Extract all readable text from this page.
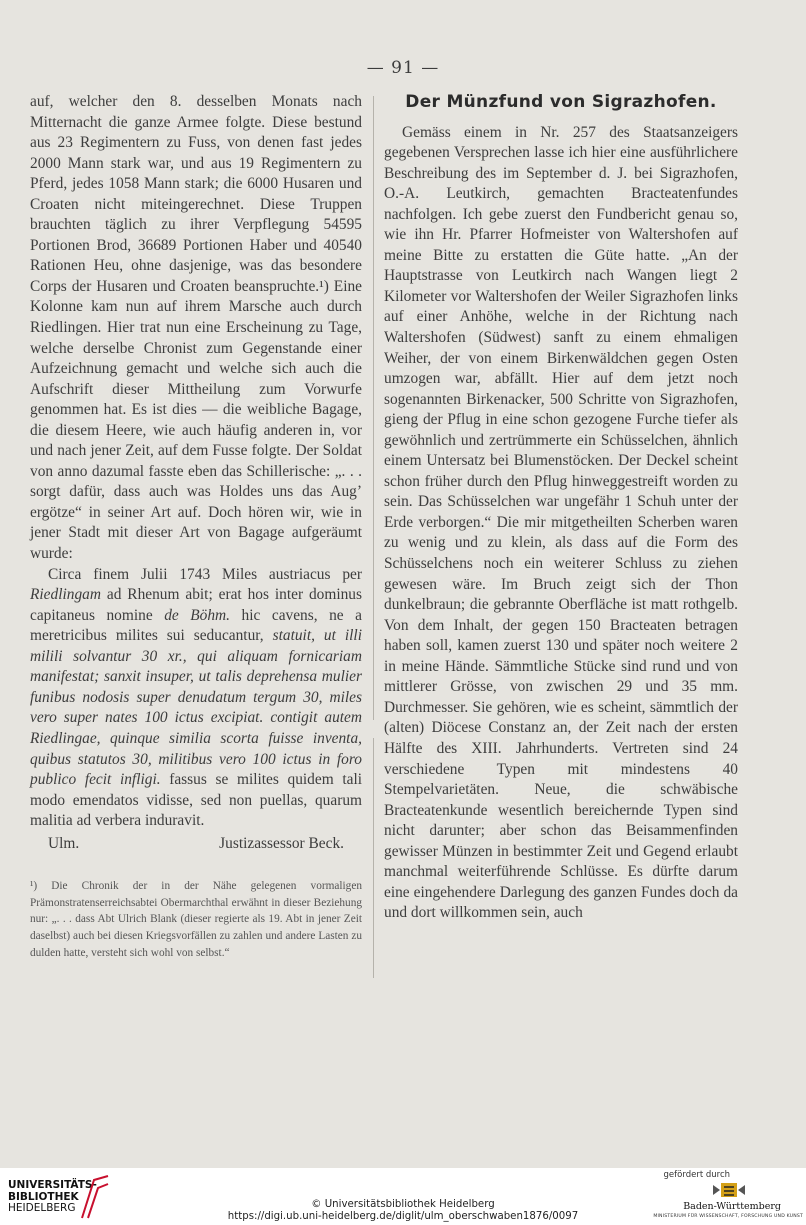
— 91 —

auf, welcher den 8. desselben Monats nach Mitternacht die ganze Armee folgte. Diese bestund aus 23 Regimentern zu Fuss, von denen fast jedes 2000 Mann stark war, und aus 19 Regimentern zu Pferd, jedes 1058 Mann stark; die 6000 Husaren und Croaten nicht miteingerechnet. Diese Truppen brauchten täglich zu ihrer Verpflegung 54595 Portionen Brod, 36689 Portionen Haber und 40540 Rationen Heu, ohne dasjenige, was das besondere Corps der Husaren und Croaten beanspruchte.¹) Eine Kolonne kam nun auf ihrem Marsche auch durch Riedlingen. Hier trat nun eine Erscheinung zu Tage, welche derselbe Chronist zum Gegenstande einer Aufzeichnung gemacht und welche sich auch die Aufschrift dieser Mittheilung zum Vorwurfe genommen hat. Es ist dies — die weibliche Bagage, die diesem Heere, wie auch häufig anderen in, vor und nach jener Zeit, auf dem Fusse folgte. Der Soldat von anno dazumal fasste eben das Schillerische: „. . . sorgt dafür, dass auch was Holdes uns das Aug’ ergötze“ in seiner Art auf. Doch hören wir, wie in jener Stadt mit dieser Art von Bagage aufgeräumt wurde:

Circa finem Julii 1743 Miles austriacus per Riedlingam ad Rhenum abit; erat hos inter dominus capitaneus nomine de Böhm. hic cavens, ne a meretricibus milites sui seducantur, statuit, ut illi milili solvantur 30 xr., qui aliquam fornicariam manifestat; sanxit insuper, ut talis deprehensa mulier funibus nodosis super denudatum tergum 30, miles vero super nates 100 ictus excipiat. contigit autem Riedlingae, quinque similia scorta fuisse inventa, quibus statutos 30, militibus vero 100 ictus in foro publico fecit infligi. fassus se milites quidem tali modo emendatos vidisse, sed non puellas, quarum malitia ad verbera induravit.

Ulm.	Justizassessor Beck.

¹) Die Chronik der in der Nähe gelegenen vormaligen Prämonstratenserreichsabtei Obermarchthal erwähnt in dieser Beziehung nur: „. . . dass Abt Ulrich Blank (dieser regierte als 19. Abt in jener Zeit daselbst) auch bei diesen Kriegsvorfällen zu zahlen und andere Lasten zu dulden hatte, versteht sich wohl von selbst.“

Der Münzfund von Sigrazhofen.

Gemäss einem in Nr. 257 des Staatsanzeigers gegebenen Versprechen lasse ich hier eine ausführlichere Beschreibung des im September d. J. bei Sigrazhofen, O.-A. Leutkirch, gemachten Bracteatenfundes nachfolgen. Ich gebe zuerst den Fundbericht genau so, wie ihn Hr. Pfarrer Hofmeister von Waltershofen auf meine Bitte zu erstatten die Güte hatte. „An der Hauptstrasse von Leutkirch nach Wangen liegt 2 Kilometer vor Waltershofen der Weiler Sigrazhofen links auf einer Anhöhe, welche in der Richtung nach Waltershofen (Südwest) sanft zu einem ehmaligen Weiher, der von einem Birkenwäldchen gegen Osten umzogen war, abfällt. Hier auf dem jetzt noch sogenannten Birkenacker, 500 Schritte von Sigrazhofen, gieng der Pflug in eine schon gezogene Furche tiefer als gewöhnlich und zertrümmerte ein Schüsselchen, ähnlich einem Untersatz bei Blumenstöcken. Der Deckel scheint schon früher durch den Pflug hinweggestreift worden zu sein. Das Schüsselchen war ungefähr 1 Schuh unter der Erde verborgen.“ Die mir mitgetheilten Scherben waren zu wenig und zu klein, als dass auf die Form des Schüsselchens noch ein weiterer Schluss zu ziehen gewesen wäre. Im Bruch zeigt sich der Thon dunkelbraun; die gebrannte Oberfläche ist matt rothgelb. Von dem Inhalt, der gegen 150 Bracteaten betragen haben soll, kamen zuerst 130 und später noch weitere 2 in meine Hände. Sämmtliche Stücke sind rund und von mittlerer Grösse, von zwischen 29 und 35 mm. Durchmesser. Sie gehören, wie es scheint, sämmtlich der (alten) Diöcese Constanz an, der Zeit nach der ersten Hälfte des XIII. Jahrhunderts. Vertreten sind 24 verschiedene Typen mit mindestens 40 Stempelvarietäten. Neue, die schwäbische Bracteatenkunde wesentlich bereichernde Typen sind nicht darunter; aber schon das Beisammenfinden gewisser Münzen in bestimmter Zeit und Gegend erlaubt manchmal weiterführende Schlüsse. Es dürfte darum eine eingehendere Darlegung des ganzen Fundes doch da und dort willkommen sein, auch

UNIVERSITÄTS-
BIBLIOTHEK
HEIDELBERG	© Universitätsbibliothek Heidelberg
https://digi.ub.uni-heidelberg.de/diglit/ulm_oberschwaben1876/0097
gefördert durch
Baden-Württemberg
MINISTERIUM FÜR WISSENSCHAFT, FORSCHUNG UND KUNST
